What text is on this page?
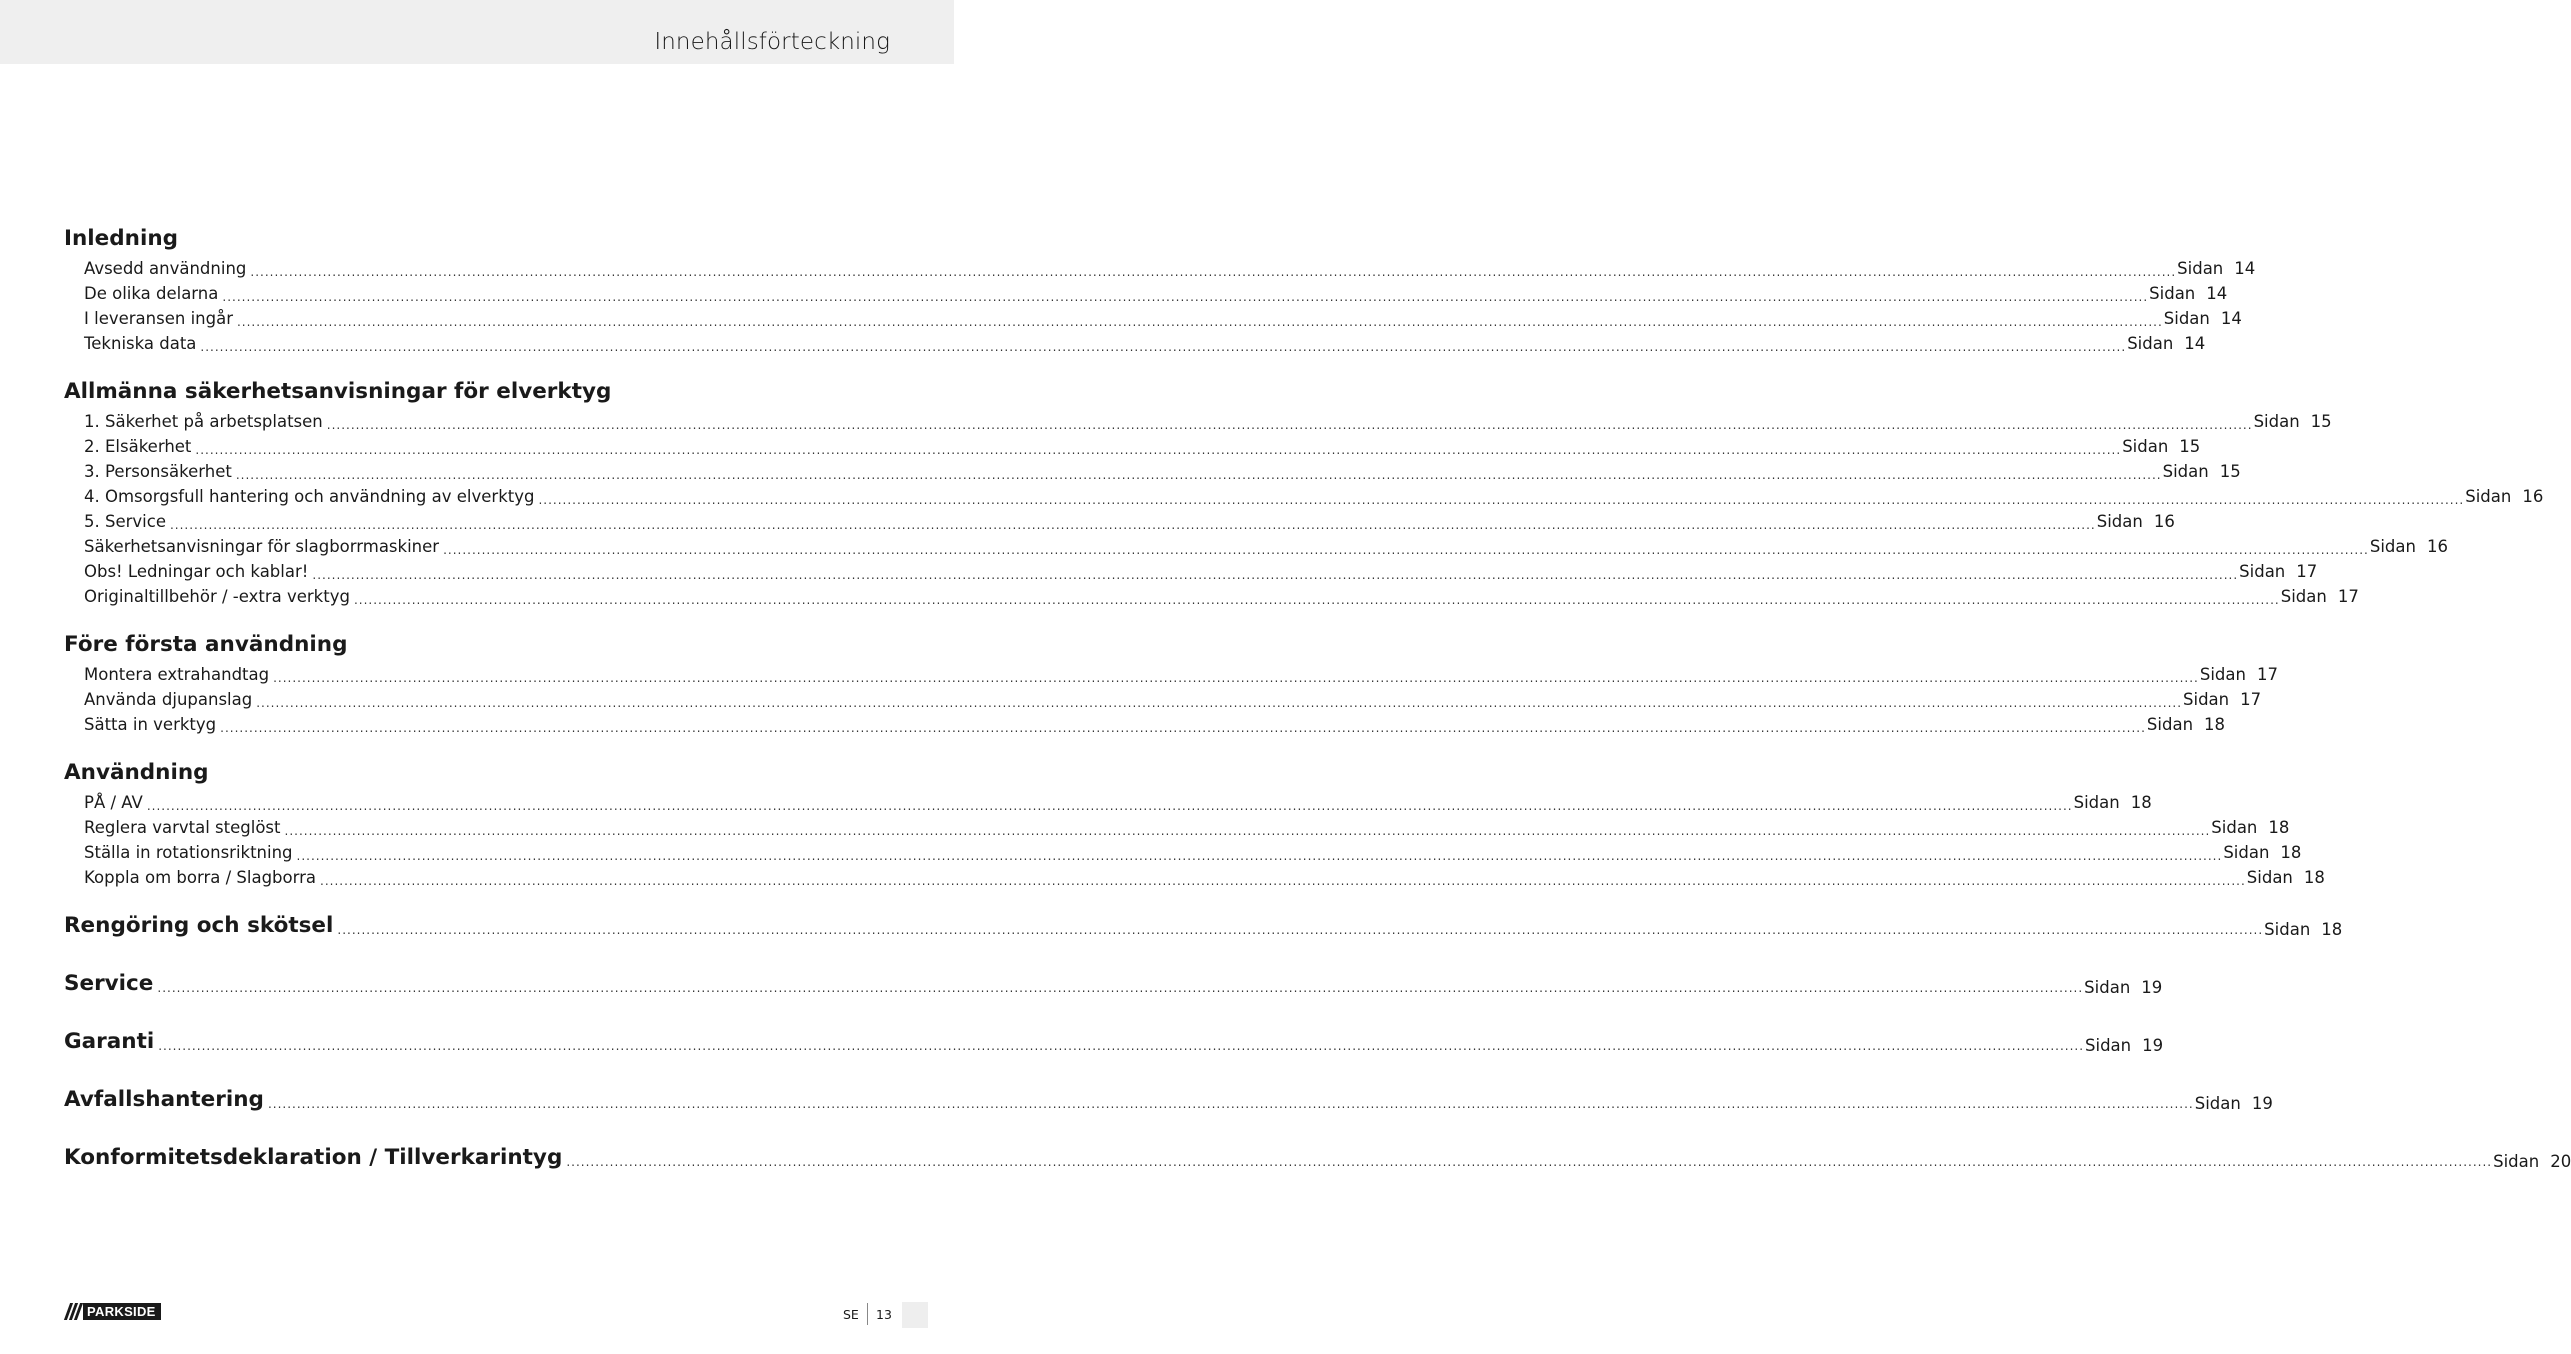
Innehållsförteckning
Inledning
Avsedd användning ................................................................................................................................................................................................................................................................................................................................................................................................................ Sidan 14
De olika delarna ................................................................................................................................................................................................................................................................................................................................................................................................................ Sidan 14
I leveransen ingår ................................................................................................................................................................................................................................................................................................................................................................................................................ Sidan 14
Tekniska data ................................................................................................................................................................................................................................................................................................................................................................................................................ Sidan 14
Allmänna säkerhetsanvisningar för elverktyg
1. Säkerhet på arbetsplatsen ................................................................................................................................................................................................................................................................................................................................................................................................................ Sidan 15
2. Elsäkerhet ................................................................................................................................................................................................................................................................................................................................................................................................................ Sidan 15
3. Personsäkerhet ................................................................................................................................................................................................................................................................................................................................................................................................................ Sidan 15
4. Omsorgsfull hantering och användning av elverktyg ................................................................................................................................................................................................................................................................................................................................................................................................................ Sidan 16
5. Service ................................................................................................................................................................................................................................................................................................................................................................................................................ Sidan 16
Säkerhetsanvisningar för slagborrmaskiner ................................................................................................................................................................................................................................................................................................................................................................................................................ Sidan 16
Obs! Ledningar och kablar! ................................................................................................................................................................................................................................................................................................................................................................................................................ Sidan 17
Originaltillbehör / -extra verktyg ................................................................................................................................................................................................................................................................................................................................................................................................................ Sidan 17
Före första användning
Montera extrahandtag ................................................................................................................................................................................................................................................................................................................................................................................................................ Sidan 17
Använda djupanslag ................................................................................................................................................................................................................................................................................................................................................................................................................ Sidan 17
Sätta in verktyg ................................................................................................................................................................................................................................................................................................................................................................................................................ Sidan 18
Användning
PÅ / AV ................................................................................................................................................................................................................................................................................................................................................................................................................ Sidan 18
Reglera varvtal steglöst ................................................................................................................................................................................................................................................................................................................................................................................................................ Sidan 18
Ställa in rotationsriktning ................................................................................................................................................................................................................................................................................................................................................................................................................ Sidan 18
Koppla om borra / Slagborra ................................................................................................................................................................................................................................................................................................................................................................................................................ Sidan 18
Rengöring och skötsel ................................................................................................................................................................................................................................................................................................................................................................................................................ Sidan 18
Service ................................................................................................................................................................................................................................................................................................................................................................................................................ Sidan 19
Garanti ................................................................................................................................................................................................................................................................................................................................................................................................................ Sidan 19
Avfallshantering ................................................................................................................................................................................................................................................................................................................................................................................................................ Sidan 19
Konformitetsdeklaration / Tillverkarintyg ................................................................................................................................................................................................................................................................................................................................................................................................................ Sidan 20
PARKSIDE	SE 13
